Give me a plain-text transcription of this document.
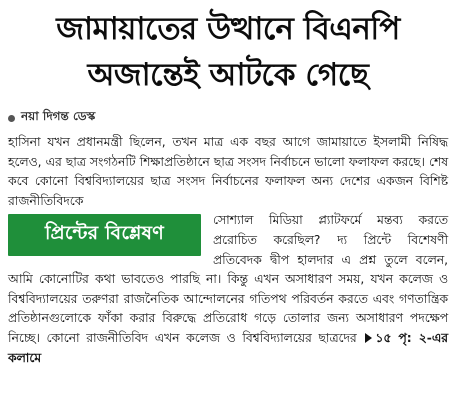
জামায়াতের উত্থানে বিএনপি
অজান্তেই আটকে গেছে
নয়া দিগন্ত ডেস্ক

হাসিনা যখন প্রধানমন্ত্রী ছিলেন, তখন মাত্র এক বছর আগে জামায়াতে ইসলামী নিষিদ্ধ হলেও, এর ছাত্র সংগঠনটি শিক্ষাপ্রতিষ্ঠানে ছাত্র সংসদ নির্বাচনে ভালো ফলাফল করছে। শেষ কবে কোনো বিশ্ববিদ্যালয়ের ছাত্র সংসদ নির্বাচনের ফলাফল অন্য দেশের একজন বিশিষ্ট রাজনীতিবিদকে

প্রিন্টের বিশ্লেষণ

সোশ্যাল মিডিয়া প্ল্যাটফর্মে মন্তব্য করতে প্ররোচিত করেছিল? দ্য প্রিন্টে বিশেষণী প্রতিবেদক দ্বীপ হালদার এ প্রশ্ন তুলে বলেন, আমি কোনোটির কথা ভাবতেও পারছি না। কিন্তু এখন অসাধারণ সময়, যখন কলেজ ও বিশ্ববিদ্যালয়ের তরুণরা রাজনৈতিক আন্দোলনের গতিপথ পরিবর্তন করতে এবং গণতান্ত্রিক প্রতিষ্ঠানগুলোকে ফাঁকা করার বিরুদ্ধে প্রতিরোধ গড়ে তোলার জন্য অসাধারণ পদক্ষেপ নিচ্ছে। কোনো রাজনীতিবিদ এখন কলেজ ও বিশ্ববিদ্যালয়ের ছাত্রদের ১৫ পৃ: ২-এর কলামে
